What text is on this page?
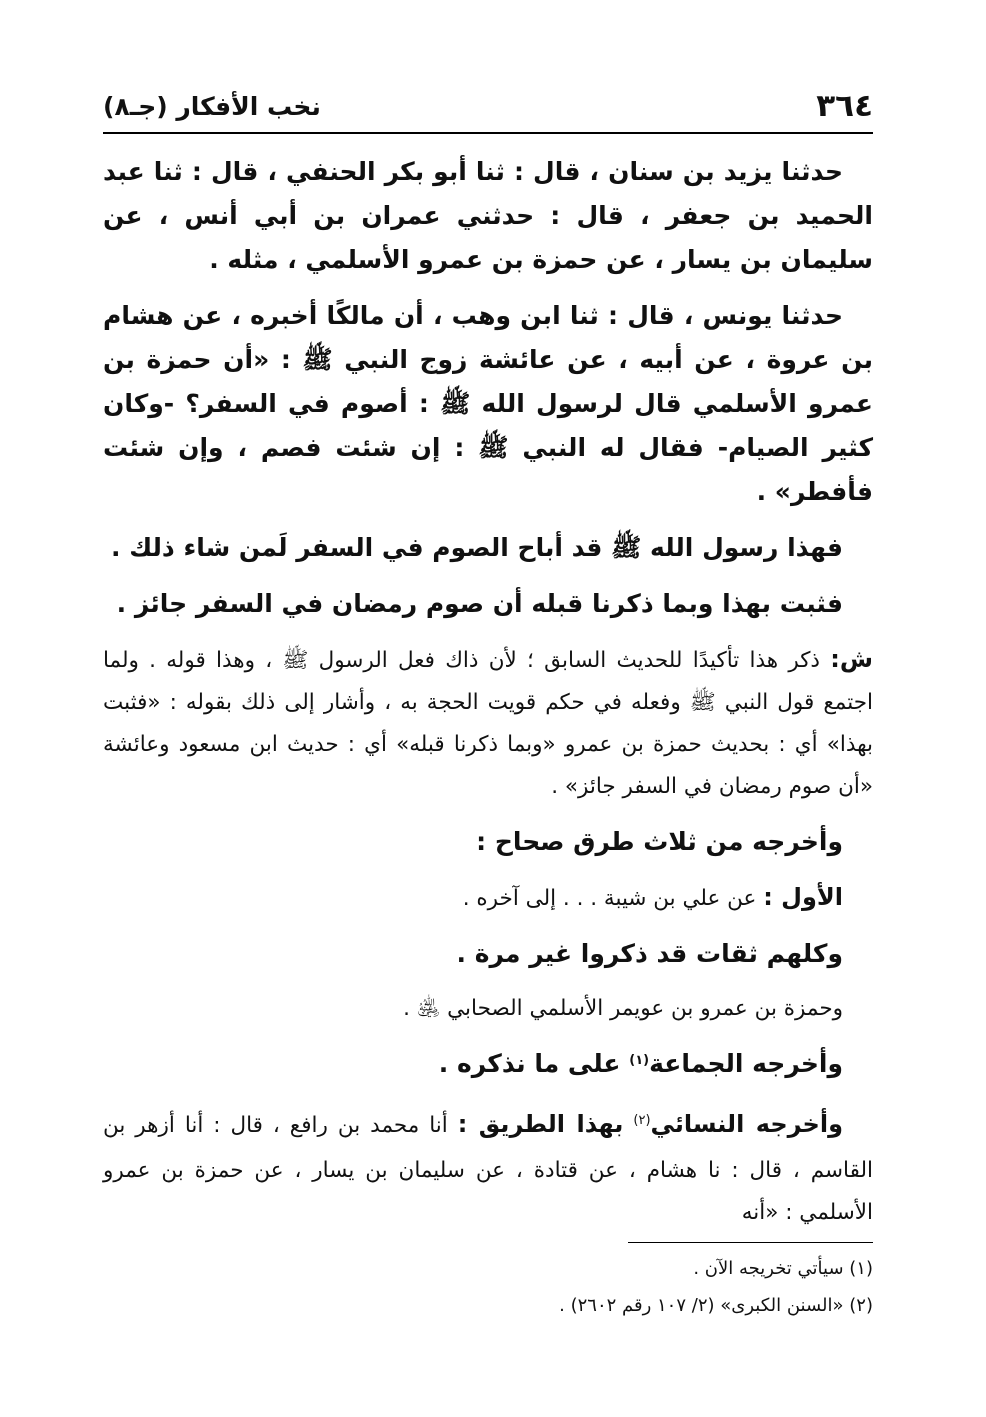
٣٦٤
نخب الأفكار (جـ٨)

حدثنا يزيد بن سنان ، قال : ثنا أبو بكر الحنفي ، قال : ثنا عبد الحميد بن جعفر ، قال : حدثني عمران بن أبي أنس ، عن سليمان بن يسار ، عن حمزة بن عمرو الأسلمي ، مثله .

حدثنا يونس ، قال : ثنا ابن وهب ، أن مالكًا أخبره ، عن هشام بن عروة ، عن أبيه ، عن عائشة زوج النبي ﷺ : «أن حمزة بن عمرو الأسلمي قال لرسول الله ﷺ : أصوم في السفر؟ -وكان كثير الصيام- فقال له النبي ﷺ : إن شئت فصم ، وإن شئت فأفطر» .

فهذا رسول الله ﷺ قد أباح الصوم في السفر لَمن شاء ذلك .

فثبت بهذا وبما ذكرنا قبله أن صوم رمضان في السفر جائز .

ش: ذكر هذا تأكيدًا للحديث السابق ؛ لأن ذاك فعل الرسول ﷺ ، وهذا قوله . ولما اجتمع قول النبي ﷺ وفعله في حكم قويت الحجة به ، وأشار إلى ذلك بقوله : «فثبت بهذا» أي : بحديث حمزة بن عمرو «وبما ذكرنا قبله» أي : حديث ابن مسعود وعائشة «أن صوم رمضان في السفر جائز» .

وأخرجه من ثلاث طرق صحاح :

الأول : عن علي بن شيبة . . . إلى آخره .

وكلهم ثقات قد ذكروا غير مرة .

وحمزة بن عمرو بن عويمر الأسلمي الصحابي ﵁ .

وأخرجه الجماعة$^{(١)}$ على ما نذكره .

وأخرجه النسائي$^{(٢)}$ بهذا الطريق : أنا محمد بن رافع ، قال : أنا أزهر بن القاسم ، قال : نا هشام ، عن قتادة ، عن سليمان بن يسار ، عن حمزة بن عمرو الأسلمي : «أنه

(١) سيأتي تخريجه الآن .
(٢) «السنن الكبرى» (٢/ ١٠٧ رقم ٢٦٠٢) .
